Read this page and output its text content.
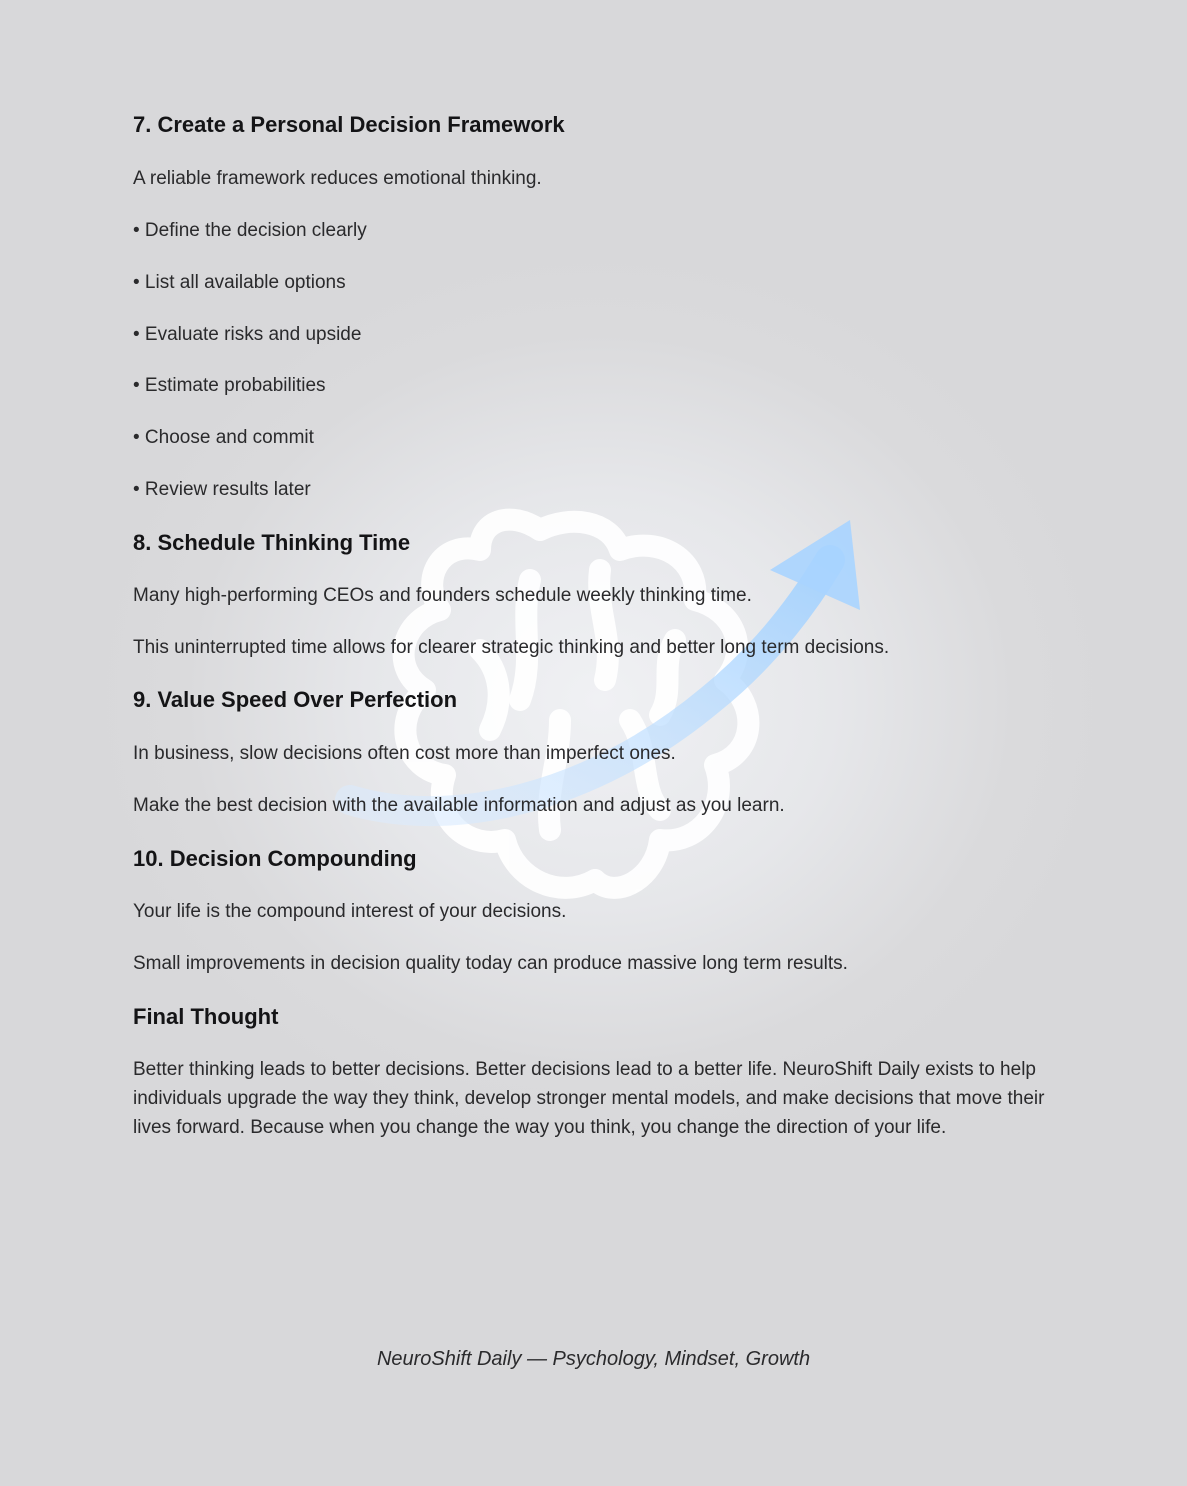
7. Create a Personal Decision Framework
A reliable framework reduces emotional thinking.
• Define the decision clearly
• List all available options
• Evaluate risks and upside
• Estimate probabilities
• Choose and commit
• Review results later
8. Schedule Thinking Time
Many high-performing CEOs and founders schedule weekly thinking time.
This uninterrupted time allows for clearer strategic thinking and better long term decisions.
9. Value Speed Over Perfection
In business, slow decisions often cost more than imperfect ones.
Make the best decision with the available information and adjust as you learn.
10. Decision Compounding
Your life is the compound interest of your decisions.
Small improvements in decision quality today can produce massive long term results.
Final Thought
Better thinking leads to better decisions. Better decisions lead to a better life. NeuroShift Daily exists to help individuals upgrade the way they think, develop stronger mental models, and make decisions that move their lives forward. Because when you change the way you think, you change the direction of your life.
NeuroShift Daily — Psychology, Mindset, Growth
